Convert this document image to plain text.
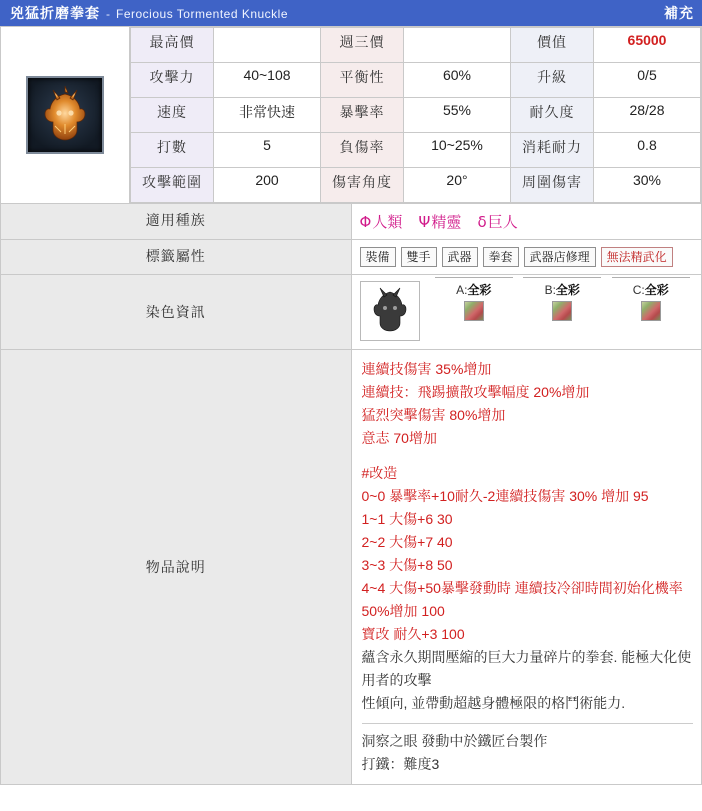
兇猛折磨拳套 - Ferocious Tormented Knuckle	補充
最高價		週三價		價值	65000
攻擊力	40~108	平衡性	60%	升級	0/5
速度	非常快速	暴擊率	55%	耐久度	28/28
打數	5	負傷率	10~25%	消耗耐力	0.8
攻擊範圍	200	傷害角度	20°	周圍傷害	30%

適用種族	Φ人類 Ψ精靈 δ巨人

標籤屬性	裝備	雙手	武器	拳套	武器店修理	無法精武化

染色資訊	
A:全彩	B:全彩	C:全彩

物品說明	
連續技傷害 35%增加
連續技：飛踢擴散攻擊幅度 20%增加
猛烈突擊傷害 80%增加
意志 70增加
#改造
0~0 暴擊率+10耐久-2連續技傷害 30% 增加 95
1~1 大傷+6 30
2~2 大傷+7 40
3~3 大傷+8 50
4~4 大傷+50暴擊發動時 連續技冷卻時間初始化機率 50%增加 100
寶改 耐久+3 100
蘊含永久期間壓縮的巨大力量碎片的拳套. 能極大化使用者的攻擊
性傾向, 並帶動超越身體極限的格鬥術能力.
洞察之眼 發動中於鐵匠台製作
打鐵：難度3
